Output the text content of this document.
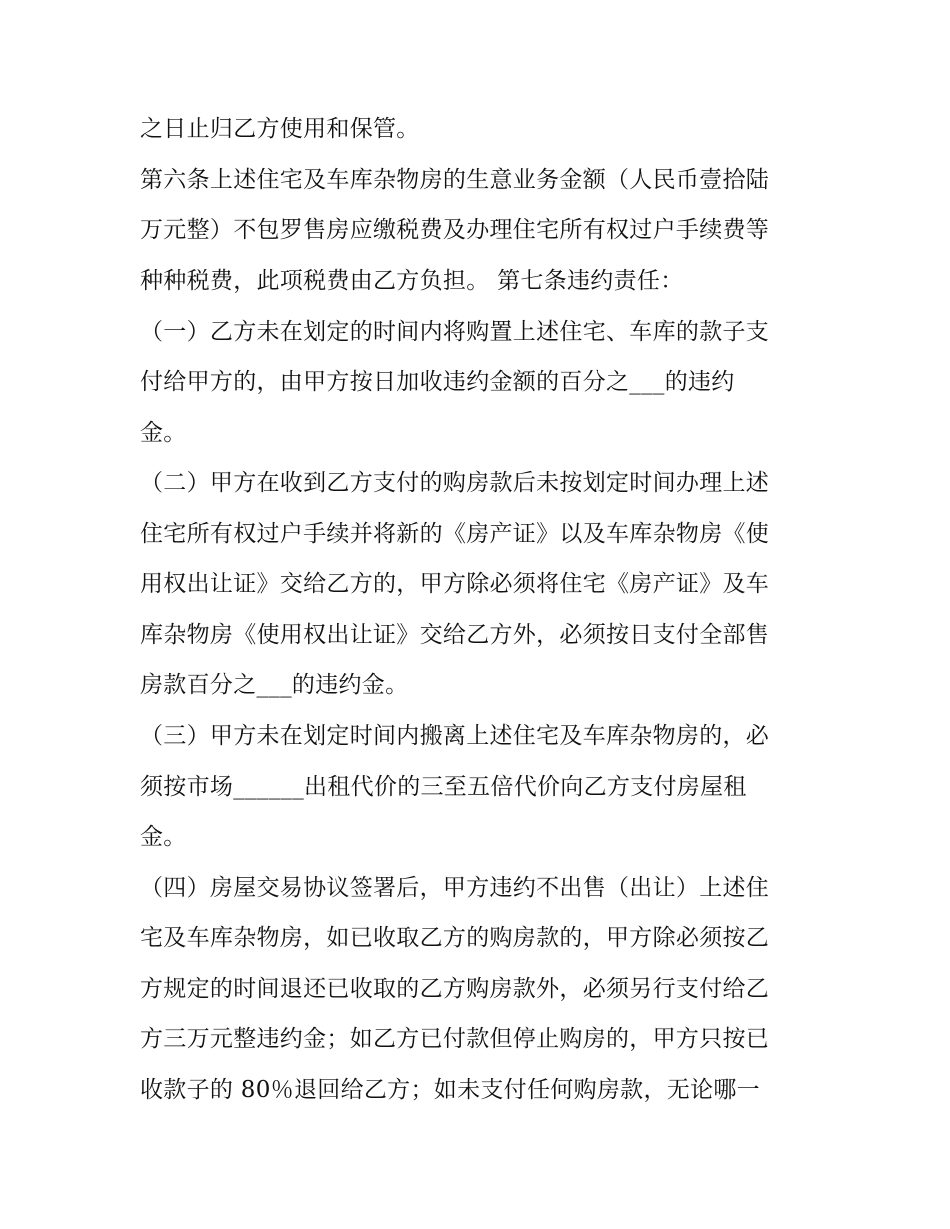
之日止归乙方使用和保管。

第六条上述住宅及车库杂物房的生意业务金额（人民币壹拾陆

万元整）不包罗售房应缴税费及办理住宅所有权过户手续费等

种种税费，此项税费由乙方负担。 第七条违约责任：

（一）乙方未在划定的时间内将购置上述住宅、车库的款子支

付给甲方的，由甲方按日加收违约金额的百分之___的违约

金。

（二）甲方在收到乙方支付的购房款后未按划定时间办理上述

住宅所有权过户手续并将新的《房产证》以及车库杂物房《使

用权出让证》交给乙方的，甲方除必须将住宅《房产证》及车

库杂物房《使用权出让证》交给乙方外，必须按日支付全部售

房款百分之___的违约金。

（三）甲方未在划定时间内搬离上述住宅及车库杂物房的，必

须按市场______出租代价的三至五倍代价向乙方支付房屋租

金。

（四）房屋交易协议签署后，甲方违约不出售（出让）上述住

宅及车库杂物房，如已收取乙方的购房款的，甲方除必须按乙

方规定的时间退还已收取的乙方购房款外，必须另行支付给乙

方三万元整违约金；如乙方已付款但停止购房的，甲方只按已

收款子的 80％退回给乙方；如未支付任何购房款，无论哪一
